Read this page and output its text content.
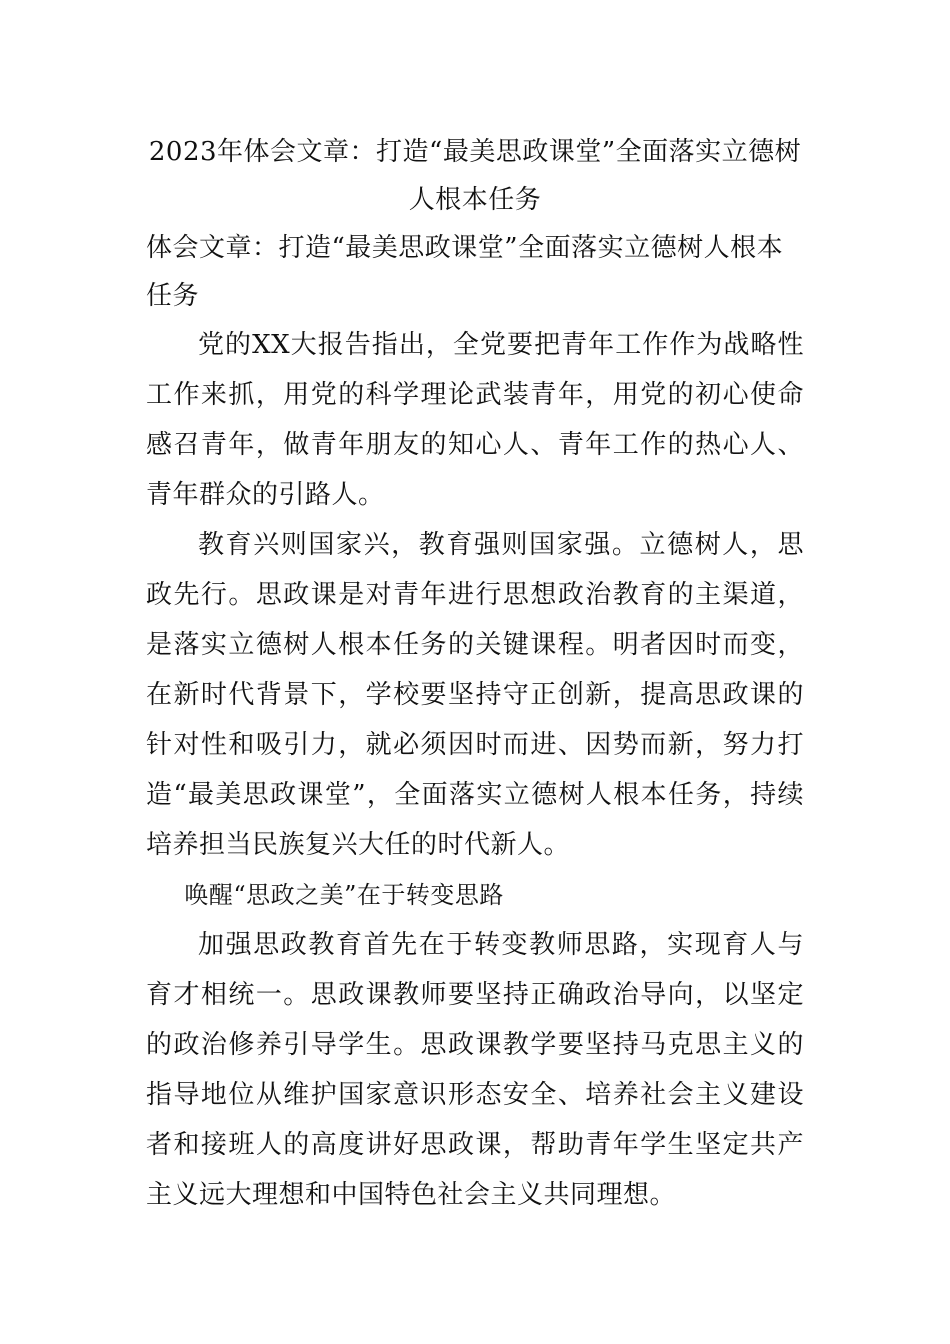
2023年体会文章：打造“最美思政课堂”全面落实立德树人根本任务

体会文章：打造“最美思政课堂”全面落实立德树人根本任务

党的XX大报告指出，全党要把青年工作作为战略性工作来抓，用党的科学理论武装青年，用党的初心使命感召青年，做青年朋友的知心人、青年工作的热心人、青年群众的引路人。

教育兴则国家兴，教育强则国家强。立德树人，思政先行。思政课是对青年进行思想政治教育的主渠道，是落实立德树人根本任务的关键课程。明者因时而变，在新时代背景下，学校要坚持守正创新，提高思政课的针对性和吸引力，就必须因时而进、因势而新，努力打造“最美思政课堂”，全面落实立德树人根本任务，持续培养担当民族复兴大任的时代新人。

唤醒“思政之美”在于转变思路

加强思政教育首先在于转变教师思路，实现育人与育才相统一。思政课教师要坚持正确政治导向，以坚定的政治修养引导学生。思政课教学要坚持马克思主义的指导地位从维护国家意识形态安全、培养社会主义建设者和接班人的高度讲好思政课，帮助青年学生坚定共产主义远大理想和中国特色社会主义共同理想。
